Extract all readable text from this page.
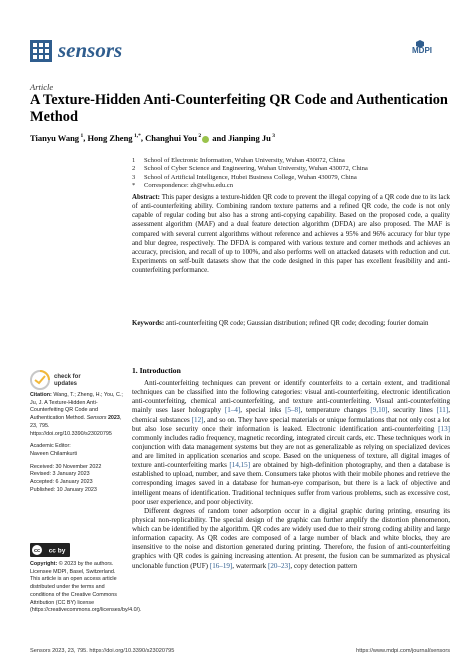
sensors	MDPI
Article
A Texture-Hidden Anti-Counterfeiting QR Code and Authentication Method
Tianyu Wang $^1$, Hong Zheng $^{1,*}$, Changhui You $^2$ and Jianping Ju $^3$
1	School of Electronic Information, Wuhan University, Wuhan 430072, China
2	School of Cyber Science and Engineering, Wuhan University, Wuhan 430072, China
3	School of Artificial Intelligence, Hubei Business College, Wuhan 430079, China
*	Correspondence: zh@whu.edu.cn
Abstract: This paper designs a texture-hidden QR code to prevent the illegal copying of a QR code due to its lack of anti-counterfeiting ability. Combining random texture patterns and a refined QR code, the code is not only capable of regular coding but also has a strong anti-copying capability. Based on the proposed code, a quality assessment algorithm (MAF) and a dual feature detection algorithm (DFDA) are also proposed. The MAF is compared with several current algorithms without reference and achieves a 95% and 96% accuracy for blur type and blur degree, respectively. The DFDA is compared with various texture and corner methods and achieves an accuracy, precision, and recall of up to 100%, and also performs well on attacked datasets with reduction and cut. Experiments on self-built datasets show that the code designed in this paper has excellent feasibility and anti-counterfeiting performance.
Keywords: anti-counterfeiting QR code; Gaussian distribution; refined QR code; decoding; fourier domain
check for
updates

Citation: Wang, T.; Zheng, H.; You, C.; Ju, J. A Texture-Hidden Anti-Counterfeiting QR Code and Authentication Method. Sensors 2023, 23, 795. https://doi.org/10.3390/s23020795

Academic Editor:
Naveen Chilamkurti

Received: 30 November 2022
Revised: 3 January 2023
Accepted: 6 January 2023
Published: 10 January 2023

cc cc by
Copyright: © 2023 by the authors. Licensee MDPI, Basel, Switzerland. This article is an open access article distributed under the terms and conditions of the Creative Commons Attribution (CC BY) license (https://creativecommons.org/licenses/by/4.0/).
1. Introduction

Anti-counterfeiting techniques can prevent or identify counterfeits to a certain extent, and traditional techniques can be classified into the following categories: visual anti-counterfeiting, electronic identification anti-counterfeiting, chemical anti-counterfeiting, and texture anti-counterfeiting. Visual anti-counterfeiting mainly uses laser holography [1–4], special inks [5–8], temperature changes [9,10], security lines [11], chemical substances [12], and so on. They have special materials or unique formulations that not only cost a lot but also lose security once their information is leaked. Electronic identification anti-counterfeiting [13] commonly includes radio frequency, magnetic recording, integrated circuit cards, etc. These techniques work in conjunction with data management systems but they are not as generalizable as relying on specialized devices and are limited in application scenarios and scope. Based on the uniqueness of texture, all digital images of texture anti-counterfeiting marks [14,15] are obtained by high-definition photography, and then a database is established to upload, number, and save them. Consumers take photos with their mobile phones and retrieve the corresponding images saved in a database for human-eye comparison, but there is a lack of objective and intelligent means of identification. Traditional techniques suffer from various problems, such as excessive cost, poor user experience, and poor objectivity.

Different degrees of random toner adsorption occur in a digital graphic during printing, ensuring its physical non-replicability. The special design of the graphic can further amplify the distortion phenomenon, which can be identified by the algorithm. QR codes are widely used due to their strong coding ability and large information capacity. As QR codes are composed of a large number of black and white blocks, they are insensitive to the noise and distortion generated during printing. Therefore, the fusion of anti-counterfeiting graphics with QR codes is gaining increasing attention. At present, the fusion can be summarized as physical unclonable function (PUF) [16–19], watermark [20–23], copy detection pattern

Sensors 2023, 23, 795. https://doi.org/10.3390/s23020795	https://www.mdpi.com/journal/sensors
